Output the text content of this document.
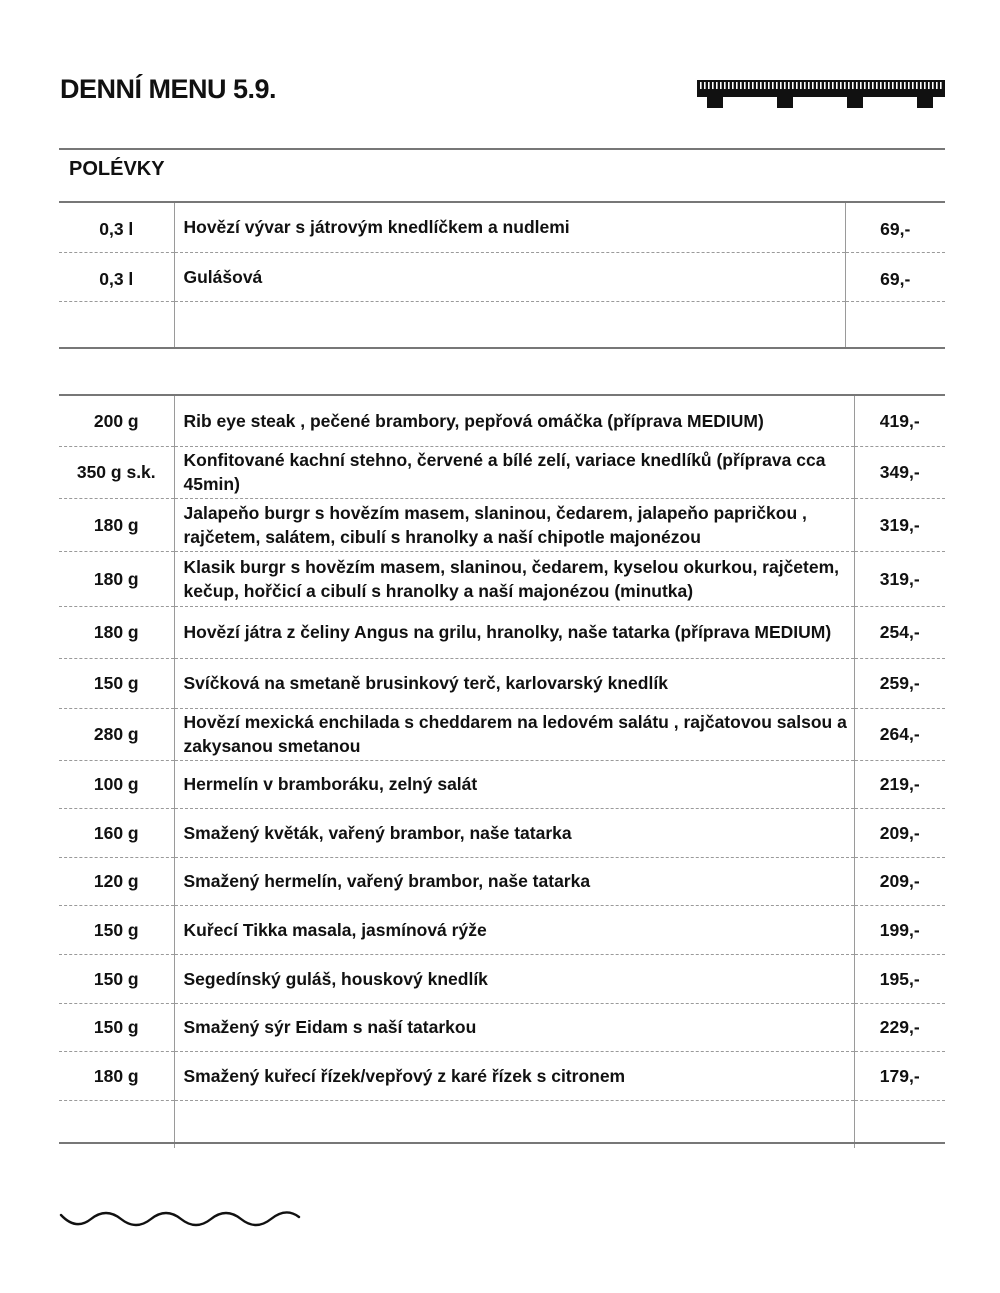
DENNÍ MENU 5.9.
POLÉVKY
0,3 l	Hovězí vývar s játrovým knedlíčkem a nudlemi	69,-
0,3 l	Gulášová	69,-

200 g	Rib eye steak , pečené brambory, pepřová omáčka (příprava MEDIUM)	419,-
350 g s.k.	Konfitované kachní stehno, červené a bílé zelí, variace knedlíků (příprava cca 45min)	349,-
180 g	Jalapeňo burgr s hovězím masem, slaninou, čedarem, jalapeňo papričkou , rajčetem, salátem, cibulí s hranolky a naší chipotle majonézou	319,-
180 g	Klasik burgr s hovězím masem, slaninou, čedarem, kyselou okurkou, rajčetem, kečup, hořčicí a cibulí s hranolky a naší majonézou (minutka)	319,-
180 g	Hovězí játra z čeliny Angus na grilu, hranolky, naše tatarka (příprava MEDIUM)	254,-
150 g	Svíčková na smetaně brusinkový terč, karlovarský knedlík	259,-
280 g	Hovězí mexická enchilada s cheddarem na ledovém salátu , rajčatovou salsou a zakysanou smetanou	264,-
100 g	Hermelín v bramboráku, zelný salát	219,-
160 g	Smažený květák, vařený brambor, naše tatarka	209,-
120 g	Smažený hermelín, vařený brambor, naše tatarka	209,-
150 g	Kuřecí Tikka masala, jasmínová rýže	199,-
150 g	Segedínský guláš, houskový knedlík	195,-
150 g	Smažený sýr Eidam s naší tatarkou	229,-
180 g	Smažený kuřecí řízek/vepřový z karé řízek s citronem	179,-
